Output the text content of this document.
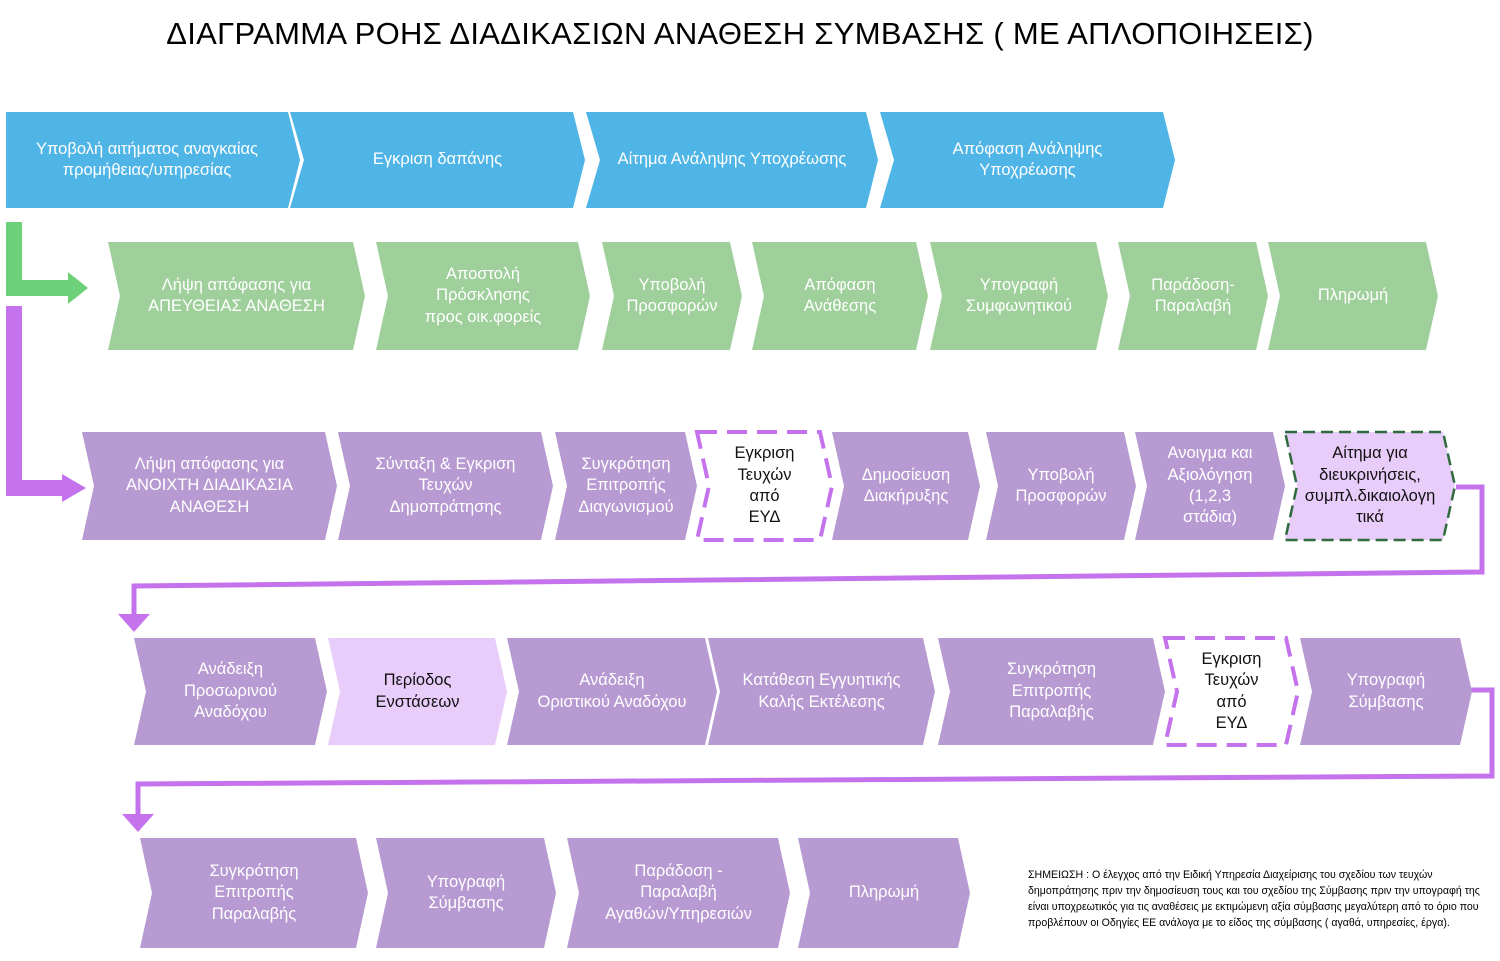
ΔΙΑΓΡΑΜΜΑ ΡΟΗΣ ΔΙΑΔΙΚΑΣΙΩΝ ΑΝΑΘΕΣΗ ΣΥΜΒΑΣΗΣ ( ΜΕ ΑΠΛΟΠΟΙΗΣΕΙΣ)
Υποβολή αιτήματος αναγκαίας
προμήθειας/υπηρεσίας
Εγκριση δαπάνης	Αίτημα Ανάληψης Υποχρέωσης
Απόφαση Ανάληψης Υποχρέωσης
Λήψη απόφασης για
ΑΠΕΥΘΕΙΑΣ ΑΝΑΘΕΣΗ
Αποστολή Πρόσκλησης
προς οικ.φορείς
Υποβολή
Προσφορών
Απόφαση
Ανάθεσης
Υπογραφή
Συμφωνητικού
Παράδοση-
Παραλαβή
Πληρωμή
Λήψη απόφασης για
ΑΝΟΙΧΤΗ ΔΙΑΔΙΚΑΣΙΑ
ΑΝΑΘΕΣΗ
Σύνταξη & Εγκριση
Τευχών Δημοπράτησης
Συγκρότηση
Επιτροπής
Διαγωνισμού
Εγκριση
Τευχών από
ΕΥΔ
Δημοσίευση
Διακήρυξης
Υποβολή
Προσφορών
Ανοιγμα και
Αξιολόγηση
(1,2,3 στάδια)
Αίτημα για
διευκρινήσεις,
συμπλ.δικαιολογη
τικά
Ανάδειξη
Προσωρινού
Αναδόχου
Περίοδος
Ενστάσεων
Ανάδειξη
Οριστικού Αναδόχου
Κατάθεση Εγγυητικής
Καλής Εκτέλεσης
Συγκρότηση Επιτροπής
Παραλαβής
Εγκριση
Τευχών από
ΕΥΔ
Υπογραφή
Σύμβασης
Συγκρότηση Επιτροπής
Παραλαβής
Υπογραφή
Σύμβασης
Παράδοση - Παραλαβή
Αγαθών/Υπηρεσιών
Πληρωμή
ΣΗΜΕΙΩΣΗ : Ο έλεγχος από την Ειδική Υπηρεσία Διαχείρισης του σχεδίου των τευχών δημοπράτησης πριν την δημοσίευση τους και του σχεδίου της Σύμβασης πριν την υπογραφή της είναι υποχρεωτικός για τις αναθέσεις με εκτιμώμενη αξία σύμβασης μεγαλύτερη από το όριο που προβλέπουν οι Οδηγίες ΕΕ ανάλογα με το είδος της σύμβασης ( αγαθά, υπηρεσίες, έργα).
